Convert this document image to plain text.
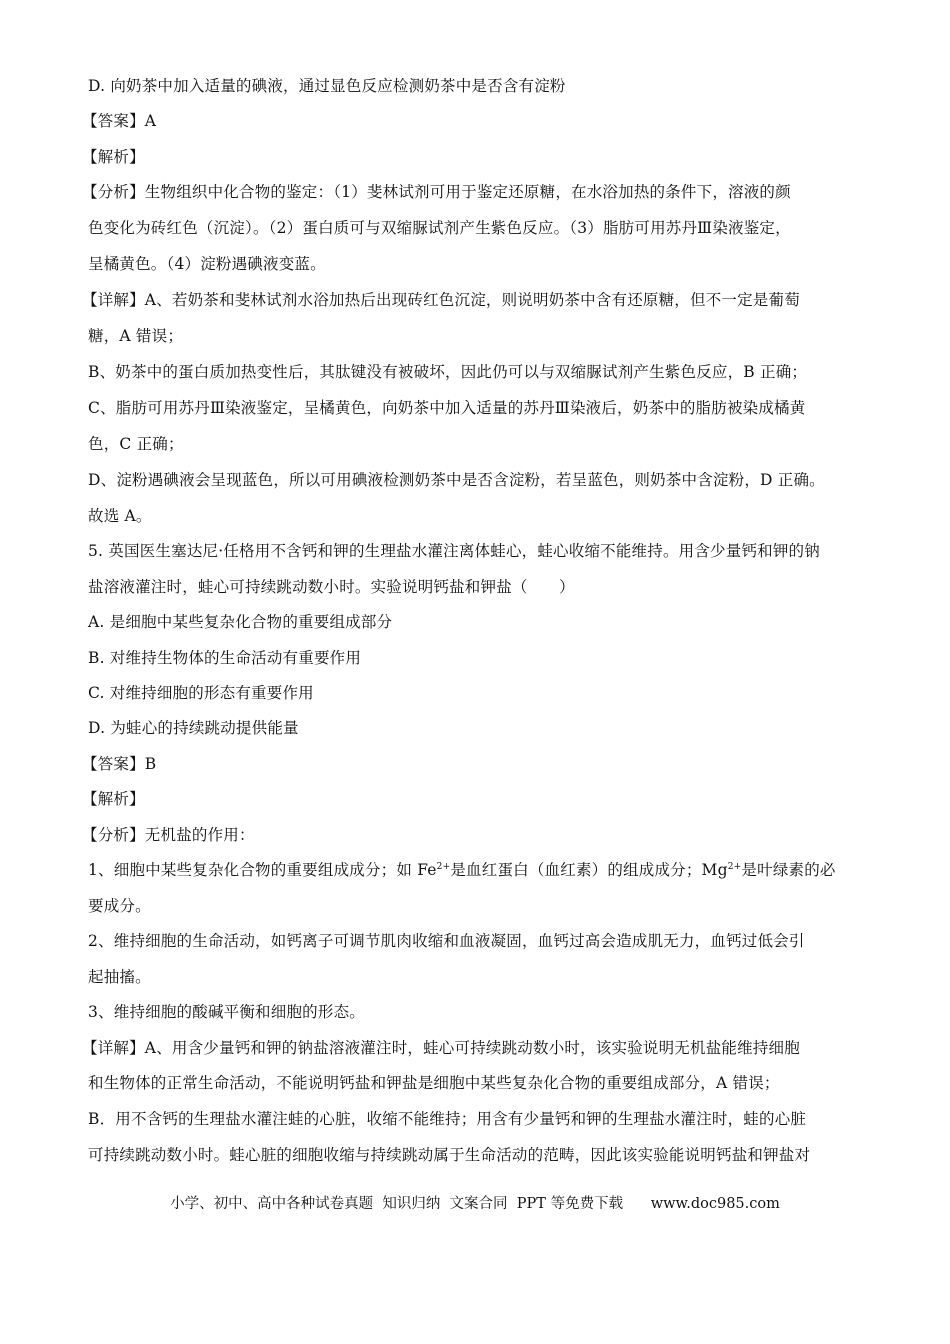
D. 向奶茶中加入适量的碘液，通过显色反应检测奶茶中是否含有淀粉
【答案】A
【解析】
【分析】生物组织中化合物的鉴定：（1）斐林试剂可用于鉴定还原糖，在水浴加热的条件下，溶液的颜
色变化为砖红色（沉淀）。（2）蛋白质可与双缩脲试剂产生紫色反应。（3）脂肪可用苏丹Ⅲ染液鉴定，
呈橘黄色。（4）淀粉遇碘液变蓝。
【详解】A、若奶茶和斐林试剂水浴加热后出现砖红色沉淀，则说明奶茶中含有还原糖，但不一定是葡萄
糖，A 错误；
B、奶茶中的蛋白质加热变性后，其肽键没有被破坏，因此仍可以与双缩脲试剂产生紫色反应，B 正确；
C、脂肪可用苏丹Ⅲ染液鉴定，呈橘黄色，向奶茶中加入适量的苏丹Ⅲ染液后，奶茶中的脂肪被染成橘黄
色，C 正确；
D、淀粉遇碘液会呈现蓝色，所以可用碘液检测奶茶中是否含淀粉，若呈蓝色，则奶茶中含淀粉，D 正确。
故选 A。
5. 英国医生塞达尼·任格用不含钙和钾的生理盐水灌注离体蛙心，蛙心收缩不能维持。用含少量钙和钾的钠
盐溶液灌注时，蛙心可持续跳动数小时。实验说明钙盐和钾盐（　　）
A. 是细胞中某些复杂化合物的重要组成部分
B. 对维持生物体的生命活动有重要作用
C. 对维持细胞的形态有重要作用
D. 为蛙心的持续跳动提供能量
【答案】B
【解析】
【分析】无机盐的作用：
1、细胞中某些复杂化合物的重要组成成分；如 $Fe^{2+}$是血红蛋白（血红素）的组成成分；$Mg^{2+}$是叶绿素的必
要成分。
2、维持细胞的生命活动，如钙离子可调节肌肉收缩和血液凝固，血钙过高会造成肌无力，血钙过低会引
起抽搐。
3、维持细胞的酸碱平衡和细胞的形态。
【详解】A、用含少量钙和钾的钠盐溶液灌注时，蛙心可持续跳动数小时，该实验说明无机盐能维持细胞
和生物体的正常生命活动，不能说明钙盐和钾盐是细胞中某些复杂化合物的重要组成部分，A 错误；
B．用不含钙的生理盐水灌注蛙的心脏，收缩不能维持；用含有少量钙和钾的生理盐水灌注时，蛙的心脏
可持续跳动数小时。蛙心脏的细胞收缩与持续跳动属于生命活动的范畴，因此该实验能说明钙盐和钾盐对
小学、初中、高中各种试卷真题  知识归纳  文案合同  PPT 等免费下载      www.doc985.com
